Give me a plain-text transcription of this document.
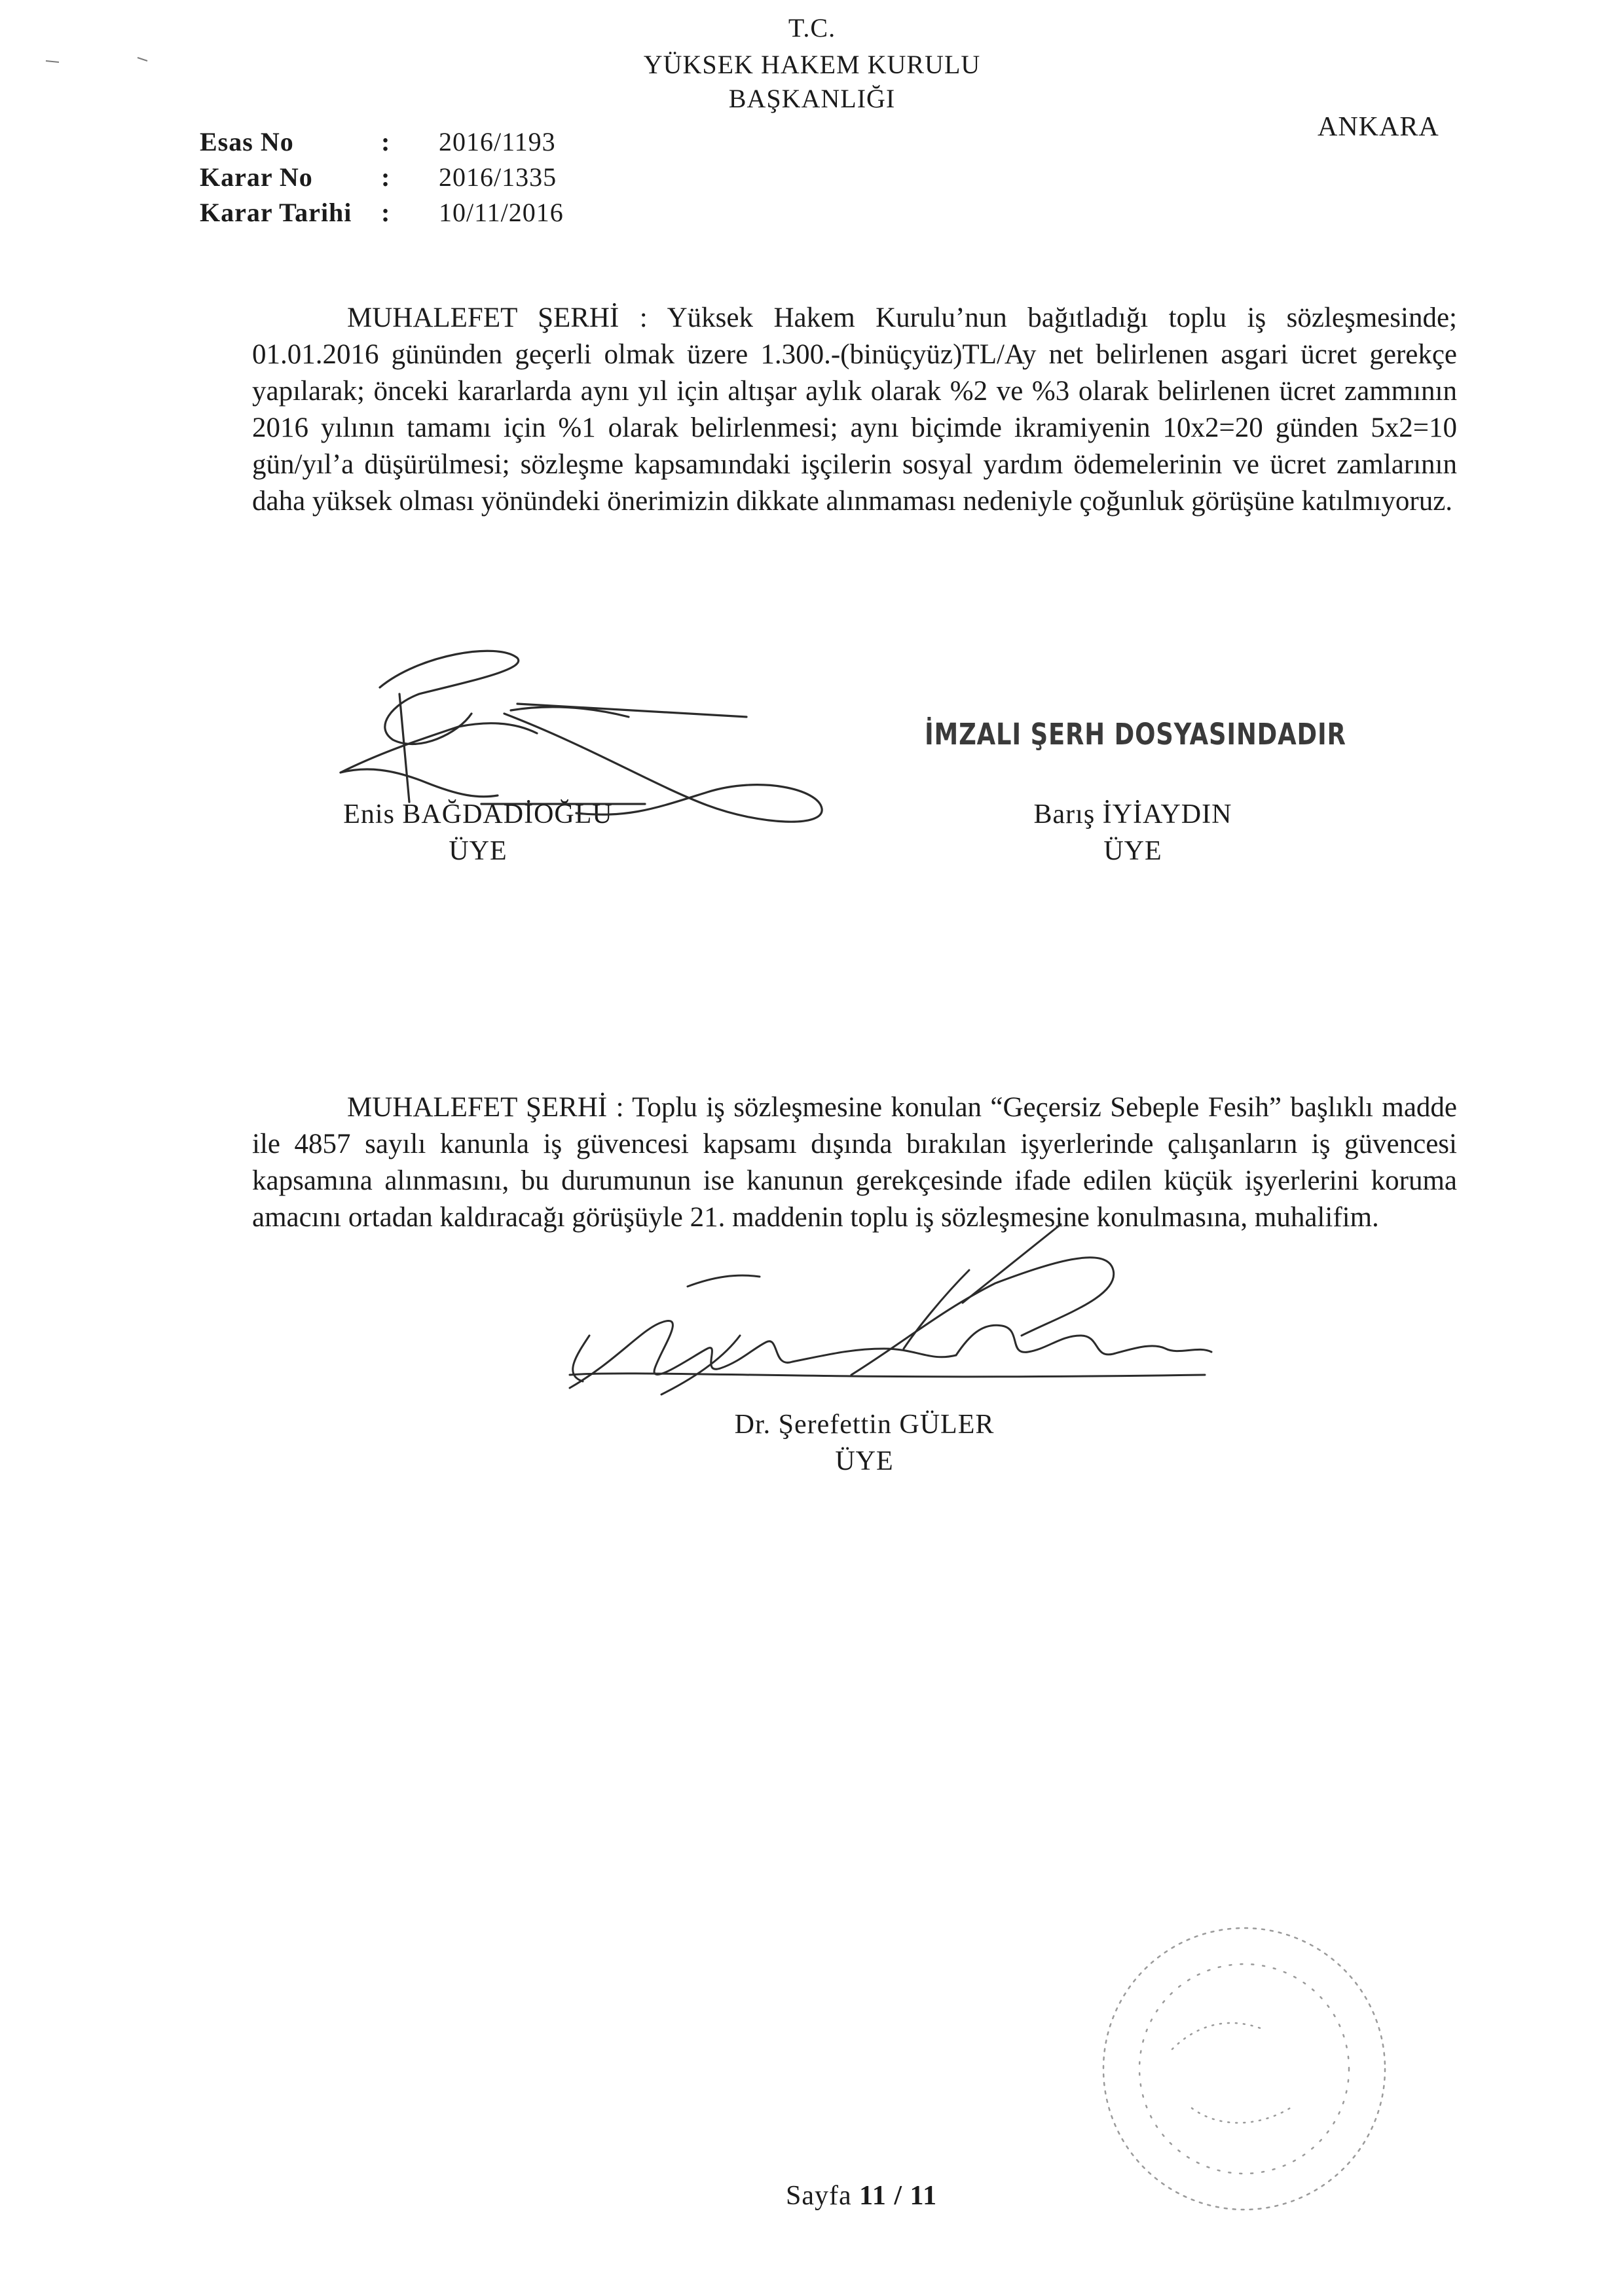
T.C.
YÜKSEK HAKEM KURULU
BAŞKANLIĞI
ANKARA
Esas No	:	2016/1193
Karar No	:	2016/1335
Karar Tarihi	:	10/11/2016

MUHALEFET ŞERHİ : Yüksek Hakem Kurulu’nun bağıtladığı toplu iş sözleşmesinde; 01.01.2016 gününden geçerli olmak üzere 1.300.-(binüçyüz)TL/Ay net belirlenen asgari ücret gerekçe yapılarak; önceki kararlarda aynı yıl için altışar aylık olarak %2 ve %3 olarak belirlenen ücret zammının 2016 yılının tamamı için %1 olarak belirlenmesi; aynı biçimde ikramiyenin 10x2=20 günden 5x2=10 gün/yıl’a düşürülmesi; sözleşme kapsamındaki işçilerin sosyal yardım ödemelerinin ve ücret zamlarının daha yüksek olması yönündeki önerimizin dikkate alınmaması nedeniyle çoğunluk görüşüne katılmıyoruz.

Enis BAĞDADİOĞLU
ÜYE
İMZALI ŞERH DOSYASINDADIR
Barış İYİAYDIN
ÜYE

MUHALEFET ŞERHİ : Toplu iş sözleşmesine konulan “Geçersiz Sebeple Fesih” başlıklı madde ile 4857 sayılı kanunla iş güvencesi kapsamı dışında bırakılan işyerlerinde çalışanların iş güvencesi kapsamına alınmasını, bu durumunun ise kanunun gerekçesinde ifade edilen küçük işyerlerini koruma amacını ortadan kaldıracağı görüşüyle 21. maddenin toplu iş sözleşmesine konulmasına, muhalifim.

Dr. Şerefettin GÜLER
ÜYE
Sayfa 11 / 11
